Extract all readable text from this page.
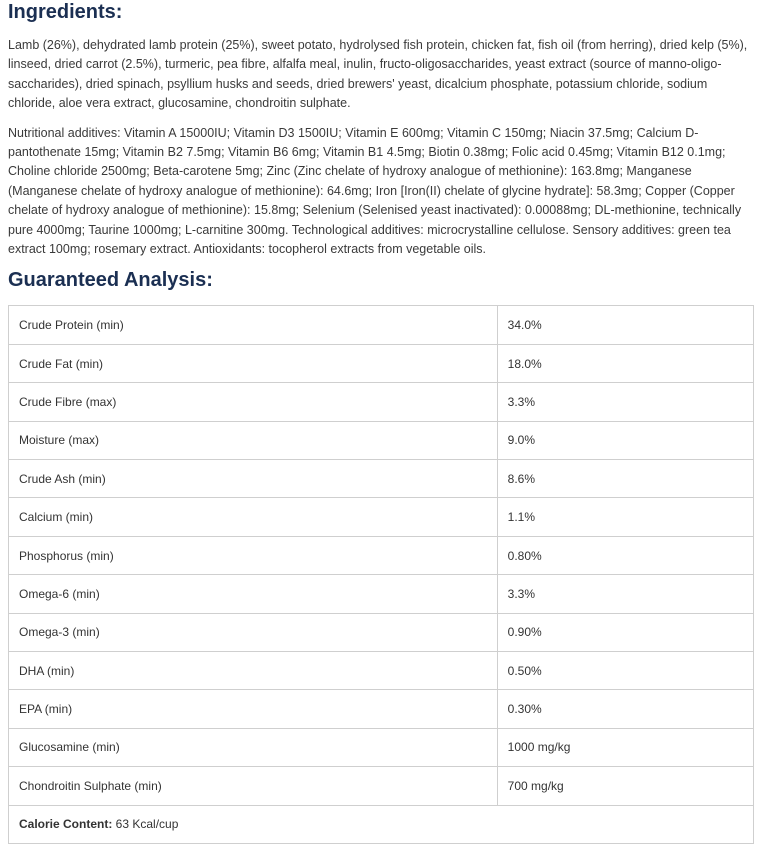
Ingredients:

Lamb (26%), dehydrated lamb protein (25%), sweet potato, hydrolysed fish protein, chicken fat, fish oil (from herring), dried kelp (5%), linseed, dried carrot (2.5%), turmeric, pea fibre, alfalfa meal, inulin, fructo-oligosaccharides, yeast extract (source of manno-oligo-saccharides), dried spinach, psyllium husks and seeds, dried brewers' yeast, dicalcium phosphate, potassium chloride, sodium chloride, aloe vera extract, glucosamine, chondroitin sulphate.

Nutritional additives: Vitamin A 15000IU; Vitamin D3 1500IU; Vitamin E 600mg; Vitamin C 150mg; Niacin 37.5mg; Calcium D-pantothenate 15mg; Vitamin B2 7.5mg; Vitamin B6 6mg; Vitamin B1 4.5mg; Biotin 0.38mg; Folic acid 0.45mg; Vitamin B12 0.1mg; Choline chloride 2500mg; Beta-carotene 5mg; Zinc (Zinc chelate of hydroxy analogue of methionine): 163.8mg; Manganese (Manganese chelate of hydroxy analogue of methionine): 64.6mg; Iron [Iron(II) chelate of glycine hydrate]: 58.3mg; Copper (Copper chelate of hydroxy analogue of methionine): 15.8mg; Selenium (Selenised yeast inactivated): 0.00088mg; DL-methionine, technically pure 4000mg; Taurine 1000mg; L-carnitine 300mg. Technological additives: microcrystalline cellulose. Sensory additives: green tea extract 100mg; rosemary extract. Antioxidants: tocopherol extracts from vegetable oils.

Guaranteed Analysis:
Crude Protein (min)	34.0%
Crude Fat (min)	18.0%
Crude Fibre (max)	3.3%
Moisture (max)	9.0%
Crude Ash (min)	8.6%
Calcium (min)	1.1%
Phosphorus (min)	0.80%
Omega-6 (min)	3.3%
Omega-3 (min)	0.90%
DHA (min)	0.50%
EPA (min)	0.30%
Glucosamine (min)	1000 mg/kg
Chondroitin Sulphate (min)	700 mg/kg
Calorie Content: 63 Kcal/cup	
